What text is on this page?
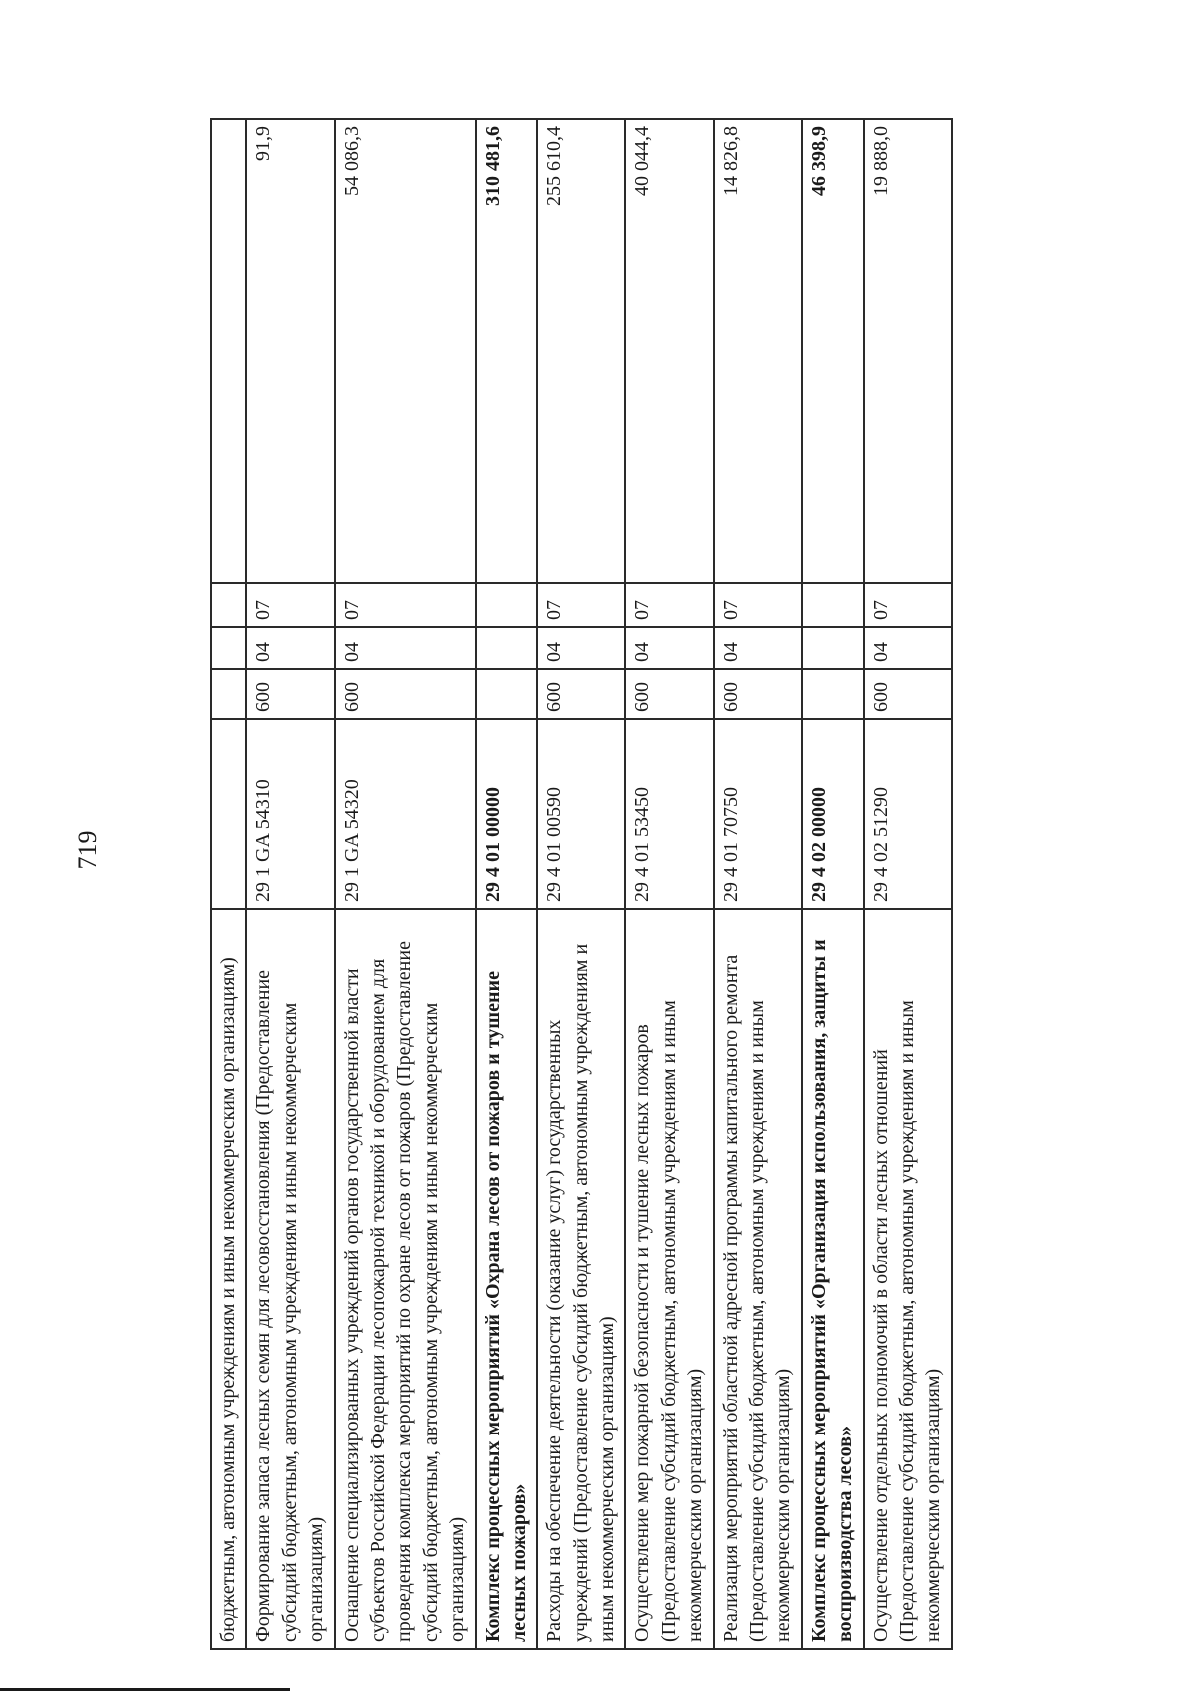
719
бюджетным, автономным учреждениям и иным некоммерческим организациям)					
Формирование запаса лесных семян для лесовосстановления (Предоставление субсидий бюджетным, автономным учреждениям и иным некоммерческим организациям)	29 1 GA 54310	600	04	07	91,9
Оснащение специализированных учреждений органов государственной власти субъектов Российской Федерации лесопожарной техникой и оборудованием для проведения комплекса мероприятий по охране лесов от пожаров (Предоставление субсидий бюджетным, автономным учреждениям и иным некоммерческим организациям)	29 1 GA 54320	600	04	07	54 086,3
Комплекс процессных мероприятий «Охрана лесов от пожаров и тушение лесных пожаров»	29 4 01 00000				310 481,6
Расходы на обеспечение деятельности (оказание услуг) государственных учреждений (Предоставление субсидий бюджетным, автономным учреждениям и иным некоммерческим организациям)	29 4 01 00590	600	04	07	255 610,4
Осуществление мер пожарной безопасности и тушение лесных пожаров (Предоставление субсидий бюджетным, автономным учреждениям и иным некоммерческим организациям)	29 4 01 53450	600	04	07	40 044,4
Реализация мероприятий областной адресной программы капитального ремонта (Предоставление субсидий бюджетным, автономным учреждениям и иным некоммерческим организациям)	29 4 01 70750	600	04	07	14 826,8
Комплекс процессных мероприятий «Организация использования, защиты и воспроизводства лесов»	29 4 02 00000				46 398,9
Осуществление отдельных полномочий в области лесных отношений (Предоставление субсидий бюджетным, автономным учреждениям и иным некоммерческим организациям)	29 4 02 51290	600	04	07	19 888,0
